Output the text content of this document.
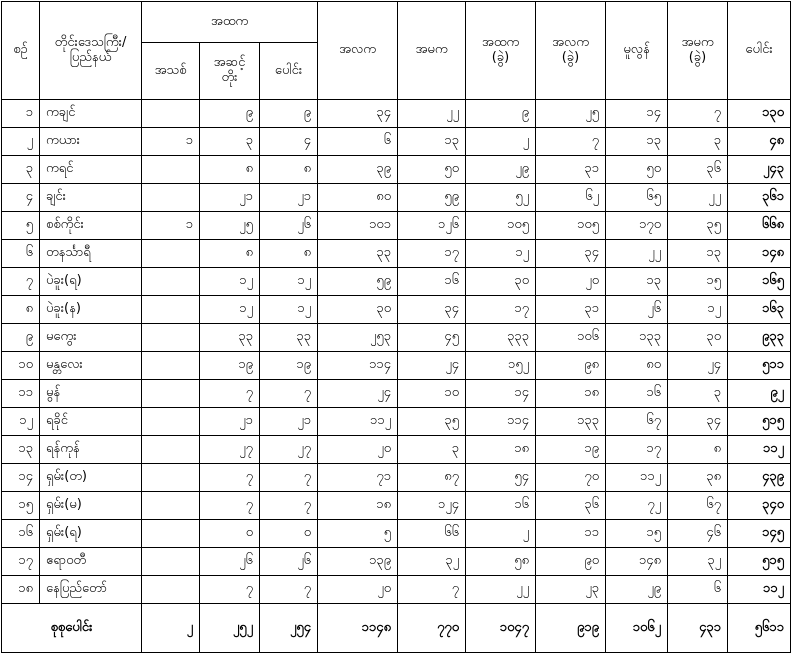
စဉ်	တိုင်းဒေသကြီး/ ပြည်နယ်	အထက			အလက	အမက	အထက (ခွဲ)	အလက (ခွဲ)	မူလွန်	အမက (ခွဲ)	ပေါင်း
		အသစ်	အဆင့်တိုး	ပေါင်း							
၁	ကချင်		၉	၉	၃၄	၂၂	၉	၂၅	၁၄	၇	၁၃၀
၂	ကယား	၁	၃	၄	၆	၁၃	၂	၇	၁၃	၃	၄၈
၃	ကရင်		၈	၈	၃၉	၅၀	၂၉	၃၁	၅၀	၃၆	၂၄၃
၄	ချင်း		၂၁	၂၁	၈၀	၅၉	၅၂	၆၂	၆၅	၂၂	၃၆၁
၅	စစ်ကိုင်း	၁	၂၅	၂၆	၁၀၁	၁၂၆	၁၀၅	၁၀၅	၁၇၀	၃၅	၆၆၈
၆	တနင်္သာရီ		၈	၈	၃၃	၁၇	၁၂	၃၄	၂၂	၁၃	၁၄၈
၇	ပဲခူး(ရ)		၁၂	၁၂	၅၉	၁၆	၃၀	၂၀	၁၃	၁၅	၁၆၅
၈	ပဲခူး(န)		၁၂	၁၂	၃၀	၃၄	၁၇	၃၁	၂၆	၁၂	၁၆၃
၉	မကွေး		၃၃	၃၃	၂၅၃	၄၅	၃၃၃	၁၀၆	၁၃၃	၃၀	၉၃၃
၁၀	မန္တလေး		၁၉	၁၉	၁၁၄	၂၄	၁၅၂	၉၈	၈၀	၂၄	၅၁၁
၁၁	မွန်		၇	၇	၂၄	၁၀	၁၄	၁၈	၁၆	၃	၉၂
၁၂	ရခိုင်		၂၁	၂၁	၁၁၂	၃၅	၁၁၄	၁၃၃	၆၇	၃၄	၅၁၅
၁၃	ရန်ကုန်		၂၇	၂၇	၂၀	၃	၁၈	၁၉	၁၇	၈	၁၁၂
၁၄	ရှမ်း(တ)		၇	၇	၇၁	၈၇	၅၄	၇၀	၁၁၂	၃၈	၄၃၉
၁၅	ရှမ်း(မ)		၇	၇	၁၈	၁၂၄	၁၆	၃၆	၇၂	၆၇	၃၄၀
၁၆	ရှမ်း(ရ)		၀	၀	၅	၆၆	၂	၁၁	၁၅	၄၆	၁၄၅
၁၇	ဧရာဝတီ		၂၆	၂၆	၁၃၉	၃၂	၅၈	၉၀	၁၄၈	၃၂	၅၁၅
၁၈	နေပြည်တော်		၇	၇	၂၀	၇	၂၂	၂၃	၂၉	၆	၁၁၂
စုစုပေါင်း		၂	၂၅၂	၂၅၄	၁၁၄၈	၇၇၀	၁၀၄၇	၉၁၉	၁၀၆၂	၄၃၁	၅၆၁၁
